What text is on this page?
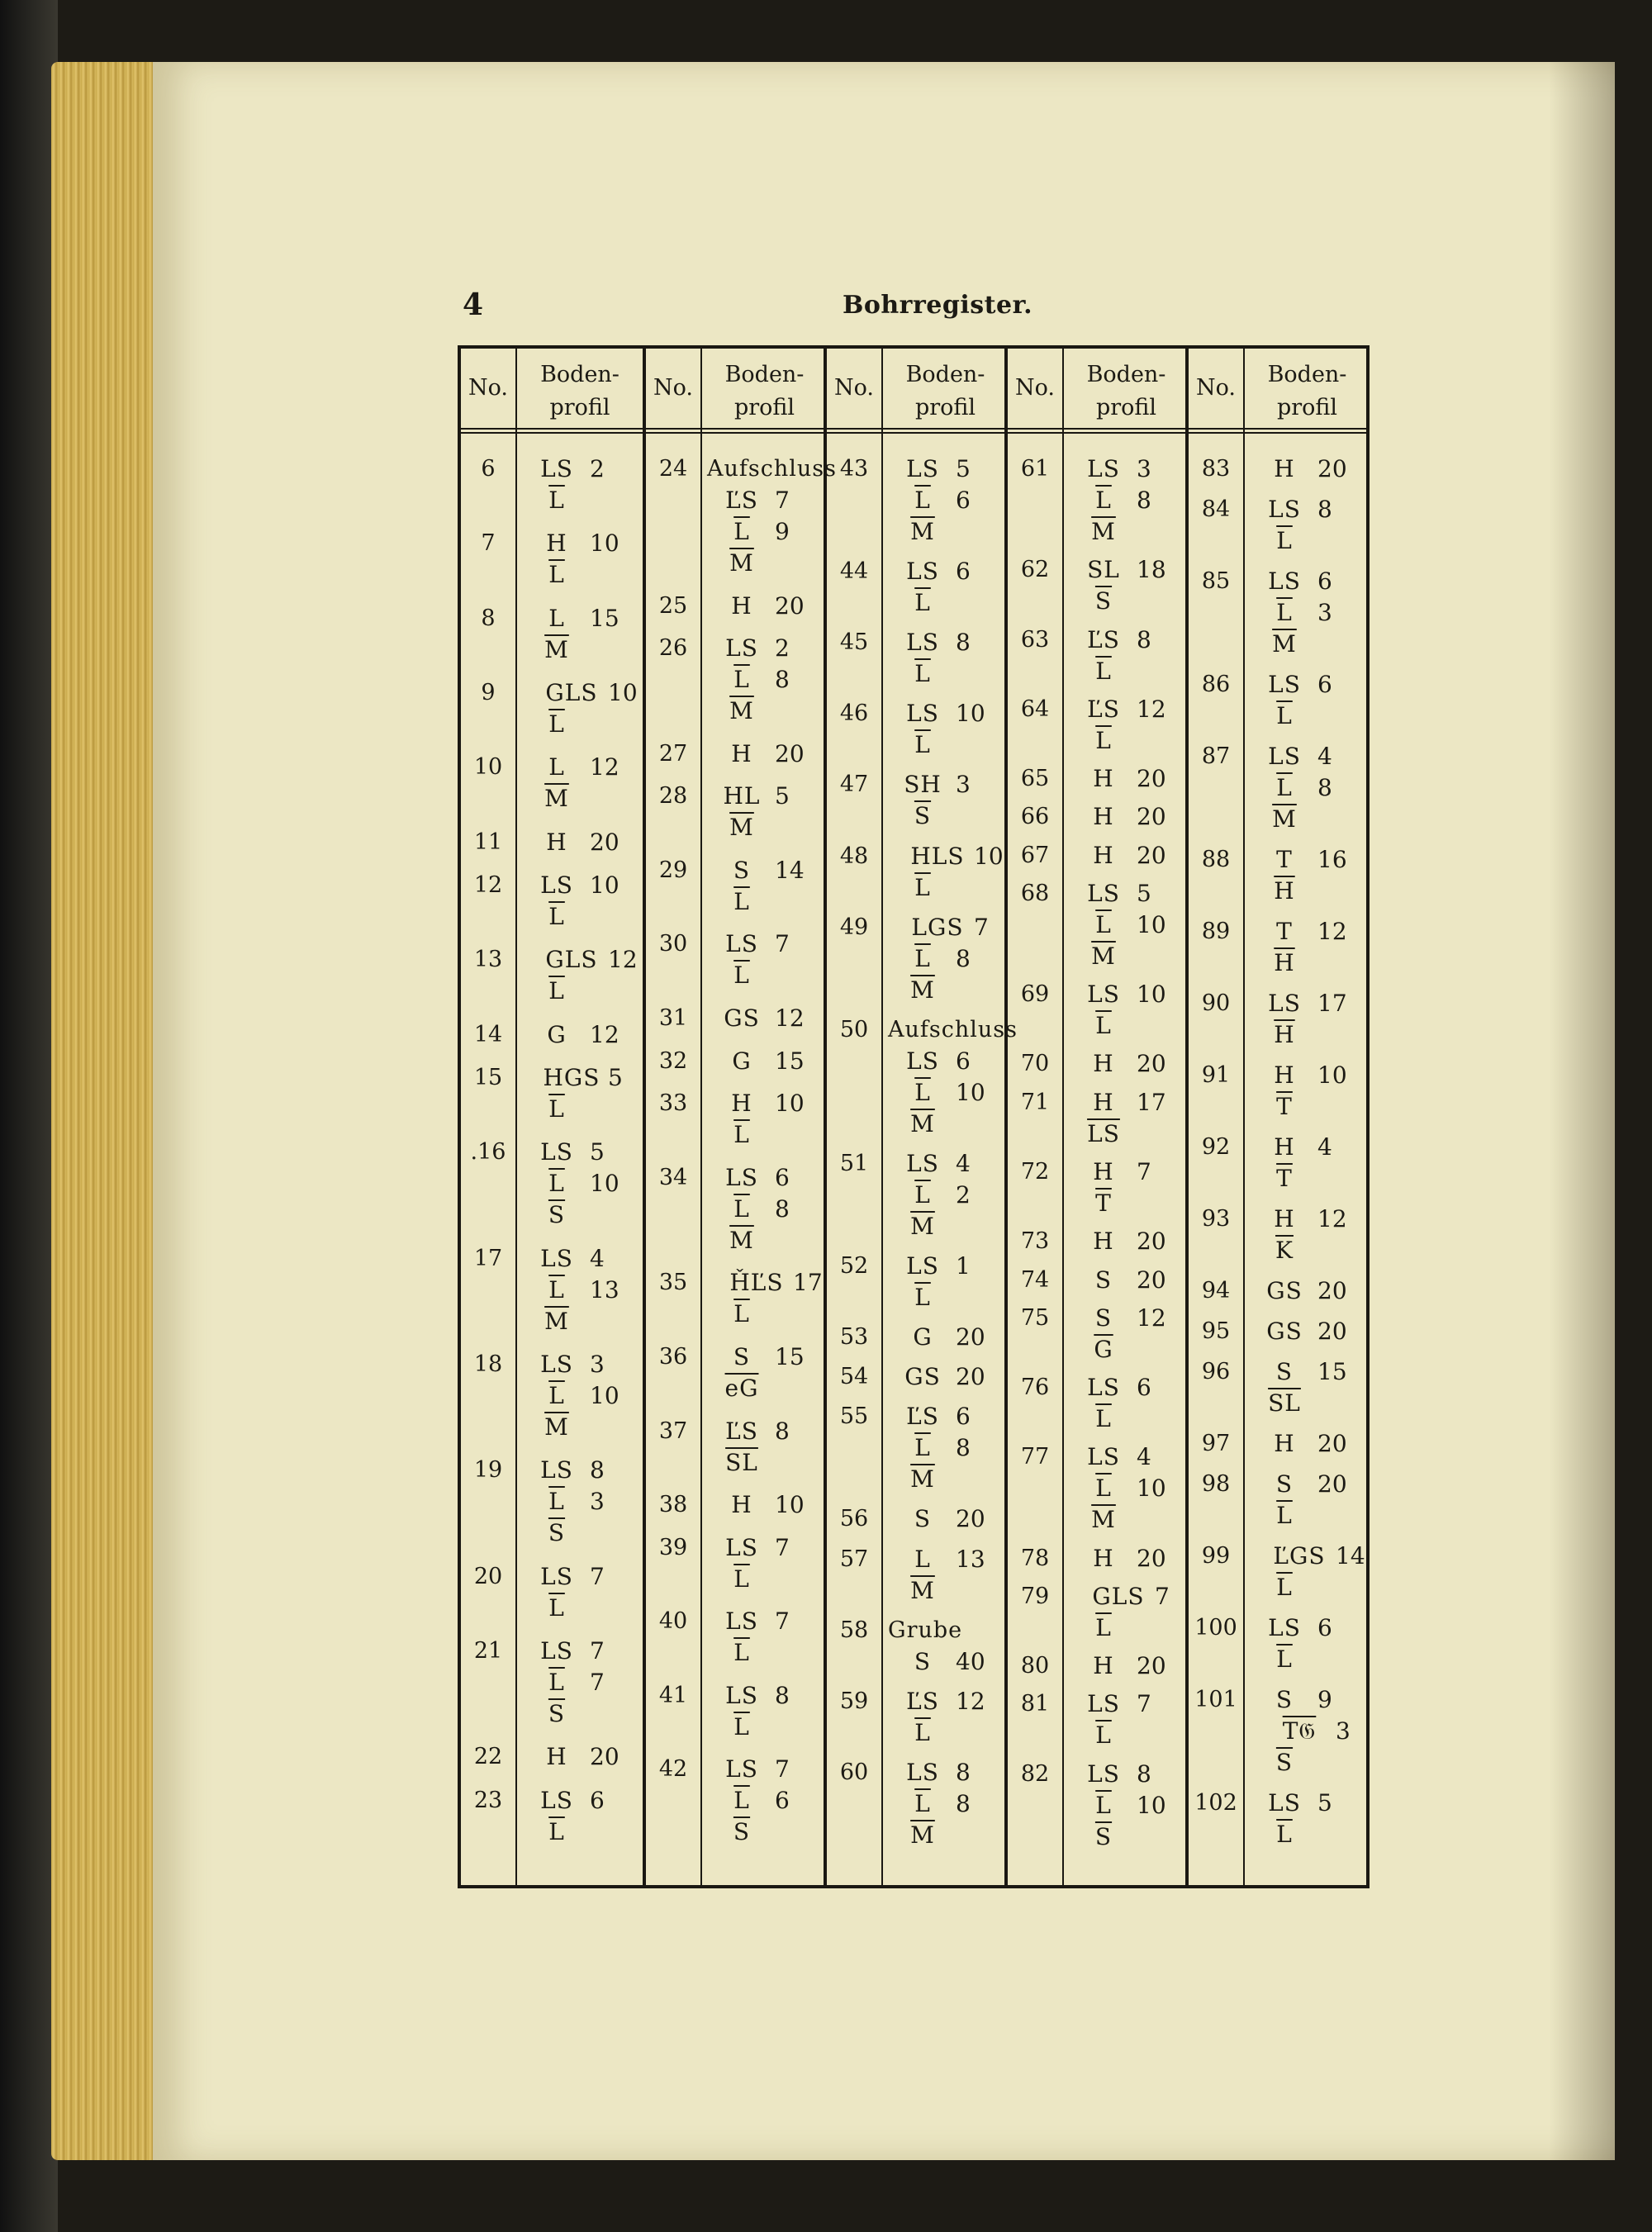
4	Bohrregister.
No.
Boden-
profil
6	LS 2
$\overline{L}$
7	H 10
$\overline{L}$
8	L	15
$\overline{M}$
9	GLS 10
$\overline{L}$
10	L	12
$\overline{M}$
11	H 20
12	LS 10
$\overline{L}$
13	GLS 12
$\overline{L}$
14	G	12
15	HGS 5
$\overline{L}$
.16	LS 5
$\overline{L}$	10
$\overline{S}$
17	LS 4
$\overline{L}$	13
$\overline{M}$
18	LS 3
$\overline{L}$	10
$\overline{M}$
19	LS 8
$\overline{L}$	3
$\overline{S}$
20	LS 7
$\overline{L}$
21	LS 7
$\overline{L}$	7
$\overline{S}$
22	H 20
23	LS 6
$\overline{L}$
No.
Boden-
profil
24 Aufschluss
ĽS 7
$\overline{L}$	9
$\overline{M}$
25	H 20
26	LS 2
$\overline{L}$	8
$\overline{M}$
27	H 20
28	HL 5
$\overline{M}$
29	S	14
$\overline{L}$
30	LS 7
$\overline{L}$
31	GS 12
32	G	15
33	H 10
$\overline{L}$
34	LS 6
$\overline{L}$	8
$\overline{M}$
35	ȞĽS 17
$\overline{L}$
36	S	15
$\overline{eG}$
37	ĽS 8
$\overline{SL}$
38	H 10
39	LS 7
$\overline{L}$
40	LS 7
$\overline{L}$
41	LS 8
$\overline{L}$
42	LS 7
$\overline{L}$	6
$\overline{S}$
No.
Boden-
profil
43	LS 5
$\overline{L}$	6
$\overline{M}$
44	LS 6
$\overline{L}$
45	LS 8
$\overline{L}$
46	LS 10
$\overline{L}$
47	SH 3
$\overline{S}$
48	HLS 10
$\overline{L}$
49	LGS 7
$\overline{L}$	8
$\overline{M}$
50 Aufschluss
LS 6
$\overline{L}$	10
$\overline{M}$
51	LS 4
$\overline{L}$	2
$\overline{M}$
52	LS 1
$\overline{L}$
53	G	20
54	GS 20
55	ĽS 6
$\overline{L}$	8
$\overline{M}$
56	S	20
57	L	13
$\overline{M}$
58 Grube
S	40
59	ĽS 12
$\overline{L}$
60	LS 8
$\overline{L}$	8
$\overline{M}$
No.
Boden-
profil
61	LS 3
$\overline{L}$	8
$\overline{M}$
62	SL 18
$\overline{S}$
63	ĽS 8
$\overline{L}$
64	ĽS 12
$\overline{L}$
65	H 20
66	H 20
67	H 20
68	LS 5
$\overline{L}$	10
$\overline{M}$
69	LS 10
$\overline{L}$
70	H 20
71	H 17
$\overline{LS}$
72	H 7
$\overline{T}$
73	H 20
74	S	20
75	S	12
$\overline{G}$
76	LS 6
$\overline{L}$
77	LS 4
$\overline{L}$	10
$\overline{M}$
78	H 20
79	GLS 7
$\overline{L}$
80	H 20
81	LS 7
$\overline{L}$
82	LS 8
$\overline{L}$	10
$\overline{S}$
No.
Boden-
profil
83	H 20
84	LS 8
$\overline{L}$
85	LS 6
$\overline{L}$	3
$\overline{M}$
86	LS 6
$\overline{L}$
87	LS 4
$\overline{L}$	8
$\overline{M}$
88	T	16
$\overline{H}$
89	T	12
$\overline{H}$
90	LS 17
$\overline{H}$
91	H 10
$\overline{T}$
92	H 4
$\overline{T}$
93	H 12
$\overline{K}$
94	GS 20
95	GS 20
96	S	15
$\overline{SL}$
97	H 20
98	S	20
$\overline{L}$
99	ĽGS 14
$\overline{L}$
100	LS 6
$\overline{L}$
101	S	9
T𝔊 3
$\overline{S}$
102	LS 5
$\overline{L}$
